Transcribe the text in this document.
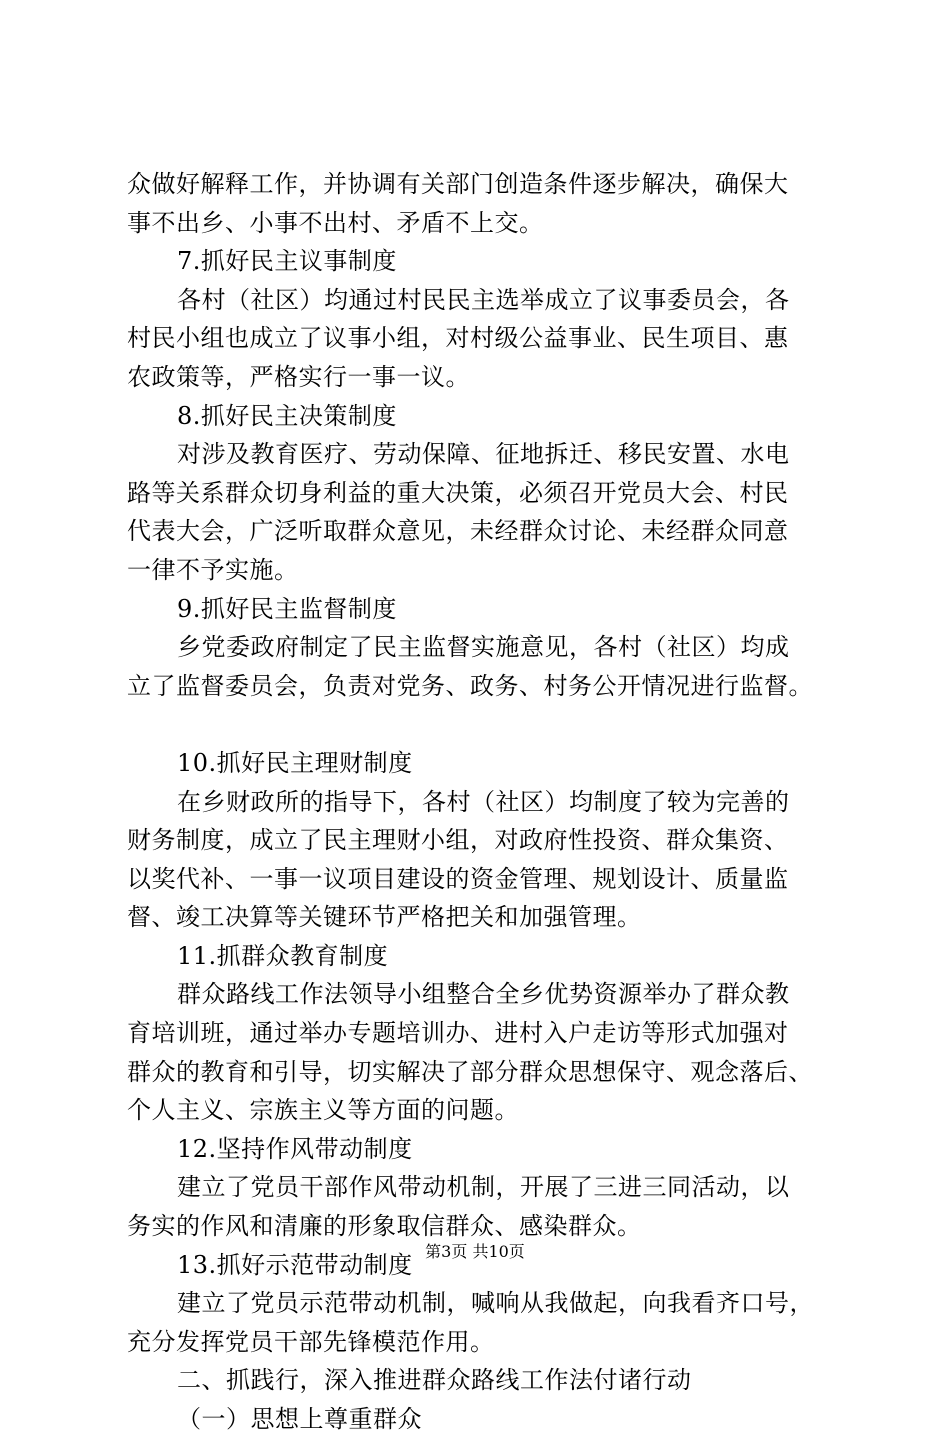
众做好解释工作，并协调有关部门创造条件逐步解决，确保大
事不出乡、小事不出村、矛盾不上交。
7.抓好民主议事制度
各村（社区）均通过村民民主选举成立了议事委员会，各
村民小组也成立了议事小组，对村级公益事业、民生项目、惠
农政策等，严格实行一事一议。
8.抓好民主决策制度
对涉及教育医疗、劳动保障、征地拆迁、移民安置、水电
路等关系群众切身利益的重大决策，必须召开党员大会、村民
代表大会，广泛听取群众意见，未经群众讨论、未经群众同意
一律不予实施。
9.抓好民主监督制度
乡党委政府制定了民主监督实施意见，各村（社区）均成
立了监督委员会，负责对党务、政务、村务公开情况进行监督。
10.抓好民主理财制度
在乡财政所的指导下，各村（社区）均制度了较为完善的
财务制度，成立了民主理财小组，对政府性投资、群众集资、
以奖代补、一事一议项目建设的资金管理、规划设计、质量监
督、竣工决算等关键环节严格把关和加强管理。
11.抓群众教育制度
群众路线工作法领导小组整合全乡优势资源举办了群众教
育培训班，通过举办专题培训办、进村入户走访等形式加强对
群众的教育和引导，切实解决了部分群众思想保守、观念落后、
个人主义、宗族主义等方面的问题。
12.坚持作风带动制度
建立了党员干部作风带动机制，开展了三进三同活动，以
务实的作风和清廉的形象取信群众、感染群众。
13.抓好示范带动制度
建立了党员示范带动机制，喊响从我做起，向我看齐口号，
充分发挥党员干部先锋模范作用。
二、抓践行，深入推进群众路线工作法付诸行动
（一）思想上尊重群众
第3页 共10页
